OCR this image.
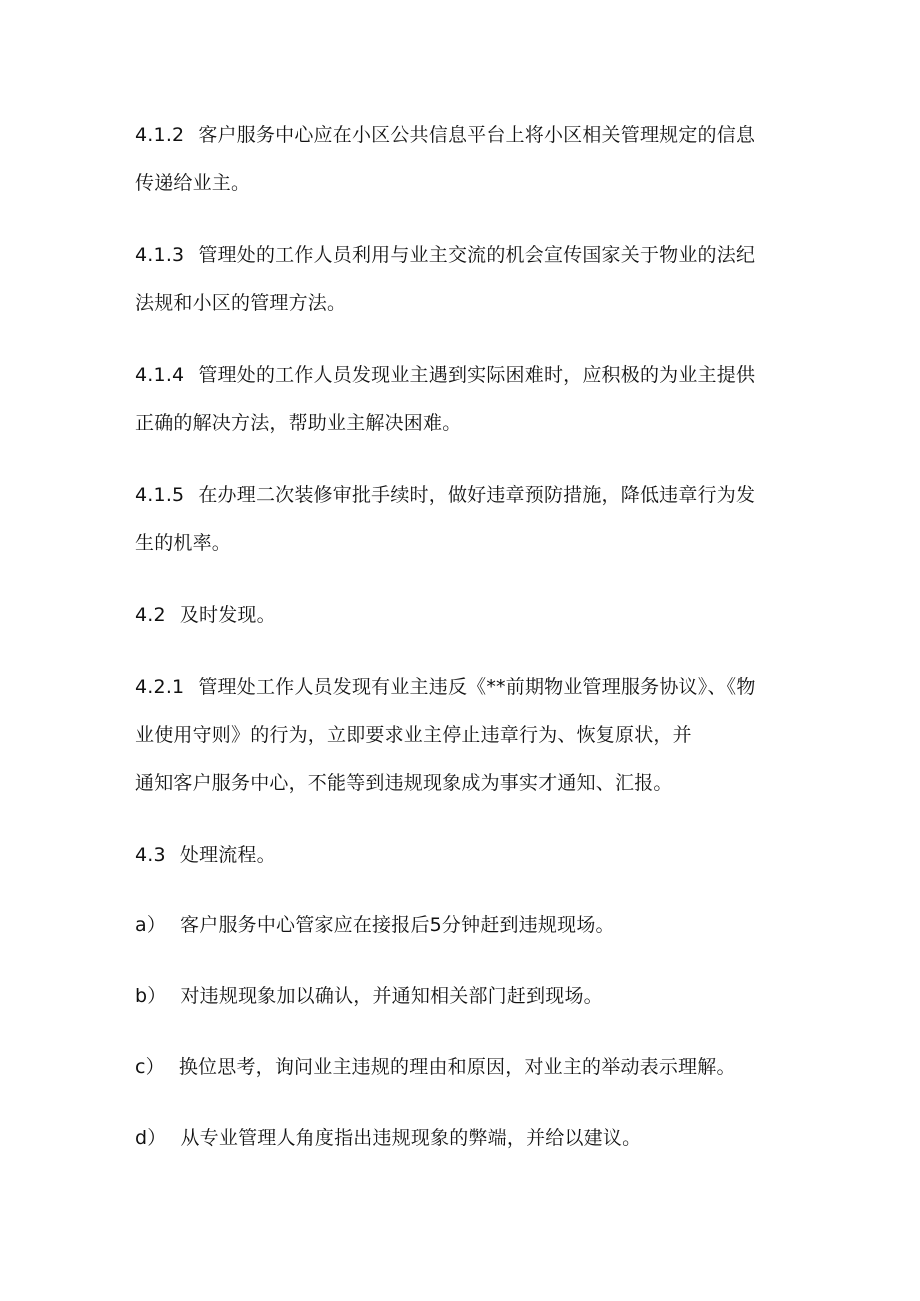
4.1.2 客户服务中心应在小区公共信息平台上将小区相关管理规定的信息
传递给业主。
4.1.3 管理处的工作人员利用与业主交流的机会宣传国家关于物业的法纪
法规和小区的管理方法。
4.1.4 管理处的工作人员发现业主遇到实际困难时，应积极的为业主提供
正确的解决方法，帮助业主解决困难。
4.1.5 在办理二次装修审批手续时，做好违章预防措施，降低违章行为发
生的机率。
4.2 及时发现。
4.2.1 管理处工作人员发现有业主违反《**前期物业管理服务协议》、《物
业使用守则》的行为，立即要求业主停止违章行为、恢复原状，并
通知客户服务中心，不能等到违规现象成为事实才通知、汇报。
4.3 处理流程。
a） 客户服务中心管家应在接报后5分钟赶到违规现场。
b） 对违规现象加以确认，并通知相关部门赶到现场。
c） 换位思考，询问业主违规的理由和原因，对业主的举动表示理解。
d） 从专业管理人角度指出违规现象的弊端，并给以建议。
